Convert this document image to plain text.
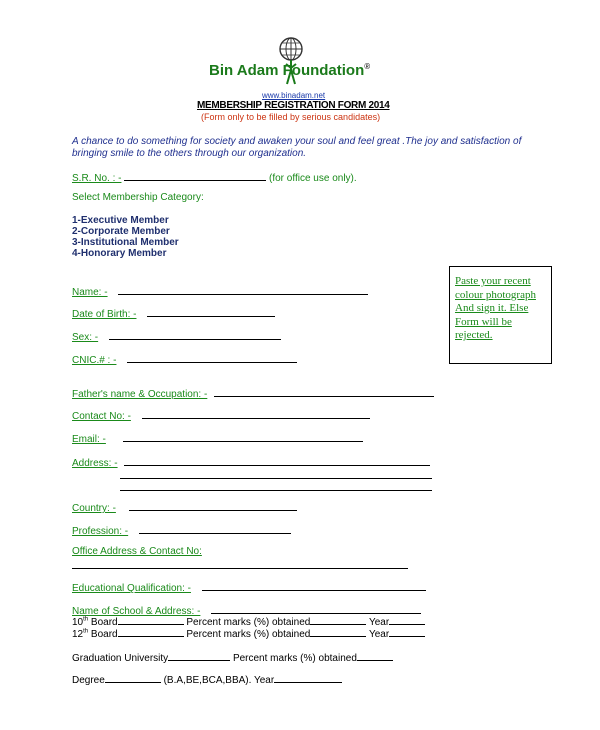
Bin Adam Foundation®
www.binadam.net
MEMBERSHIP REGISTRATION FORM 2014
(Form only to be filled by serious candidates)
A chance to do something for society and awaken your soul and feel great .The joy and satisfaction of
bringing smile to the others through our organization.
S.R. No. : -	(for office use only).
Select Membership Category:
1-Executive Member
2-Corporate Member
3-Institutional Member
4-Honorary Member
Paste your recent colour photograph And sign it. Else Form will be rejected.
Name: -
Date of Birth: -
Sex: -
CNIC.# : -
Father's name & Occupation: -
Contact No: -
Email: -
Address: -
Country: -
Profession: -
Office Address & Contact No:
Educational Qualification: -
Name of School & Address: -
10th Board	Percent marks (%) obtained	Year
12th Board	Percent marks (%) obtained	Year
Graduation University	Percent marks (%) obtained
Degree	(B.A,BE,BCA,BBA). Year
